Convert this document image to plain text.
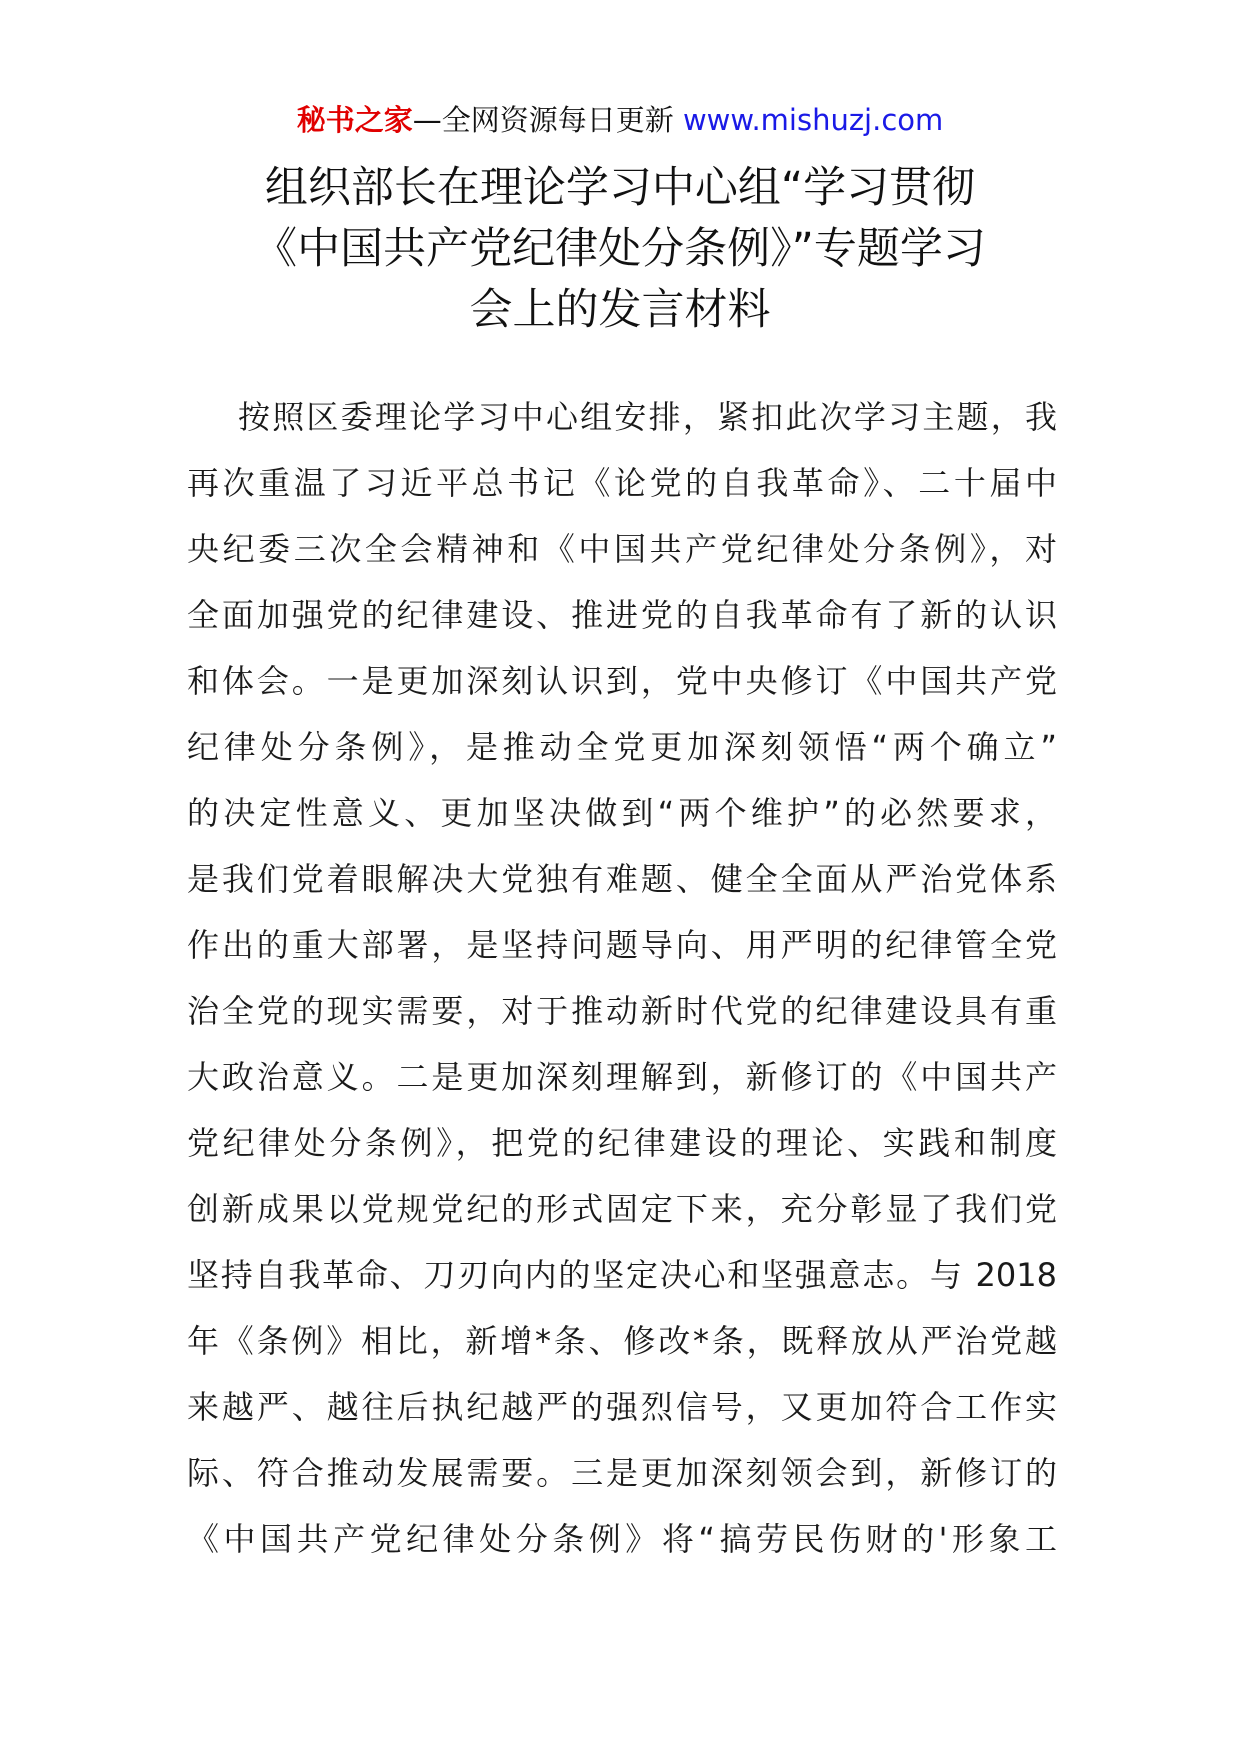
秘书之家—全网资源每日更新 www.mishuzj.com
组织部长在理论学习中心组“学习贯彻
《中国共产党纪律处分条例》”专题学习
会上的发言材料
按照区委理论学习中心组安排，紧扣此次学习主题，我
再次重温了习近平总书记《论党的自我革命》、二十届中
央纪委三次全会精神和《中国共产党纪律处分条例》，对
全面加强党的纪律建设、推进党的自我革命有了新的认识
和体会。一是更加深刻认识到，党中央修订《中国共产党
纪律处分条例》，是推动全党更加深刻领悟“两个确立”
的决定性意义、更加坚决做到“两个维护”的必然要求，
是我们党着眼解决大党独有难题、健全全面从严治党体系
作出的重大部署，是坚持问题导向、用严明的纪律管全党
治全党的现实需要，对于推动新时代党的纪律建设具有重
大政治意义。二是更加深刻理解到，新修订的《中国共产
党纪律处分条例》，把党的纪律建设的理论、实践和制度
创新成果以党规党纪的形式固定下来，充分彰显了我们党
坚持自我革命、刀刃向内的坚定决心和坚强意志。与 2018
年《条例》相比，新增*条、修改*条，既释放从严治党越
来越严、越往后执纪越严的强烈信号，又更加符合工作实
际、符合推动发展需要。三是更加深刻领会到，新修订的
《中国共产党纪律处分条例》将“搞劳民伤财的'形象工
